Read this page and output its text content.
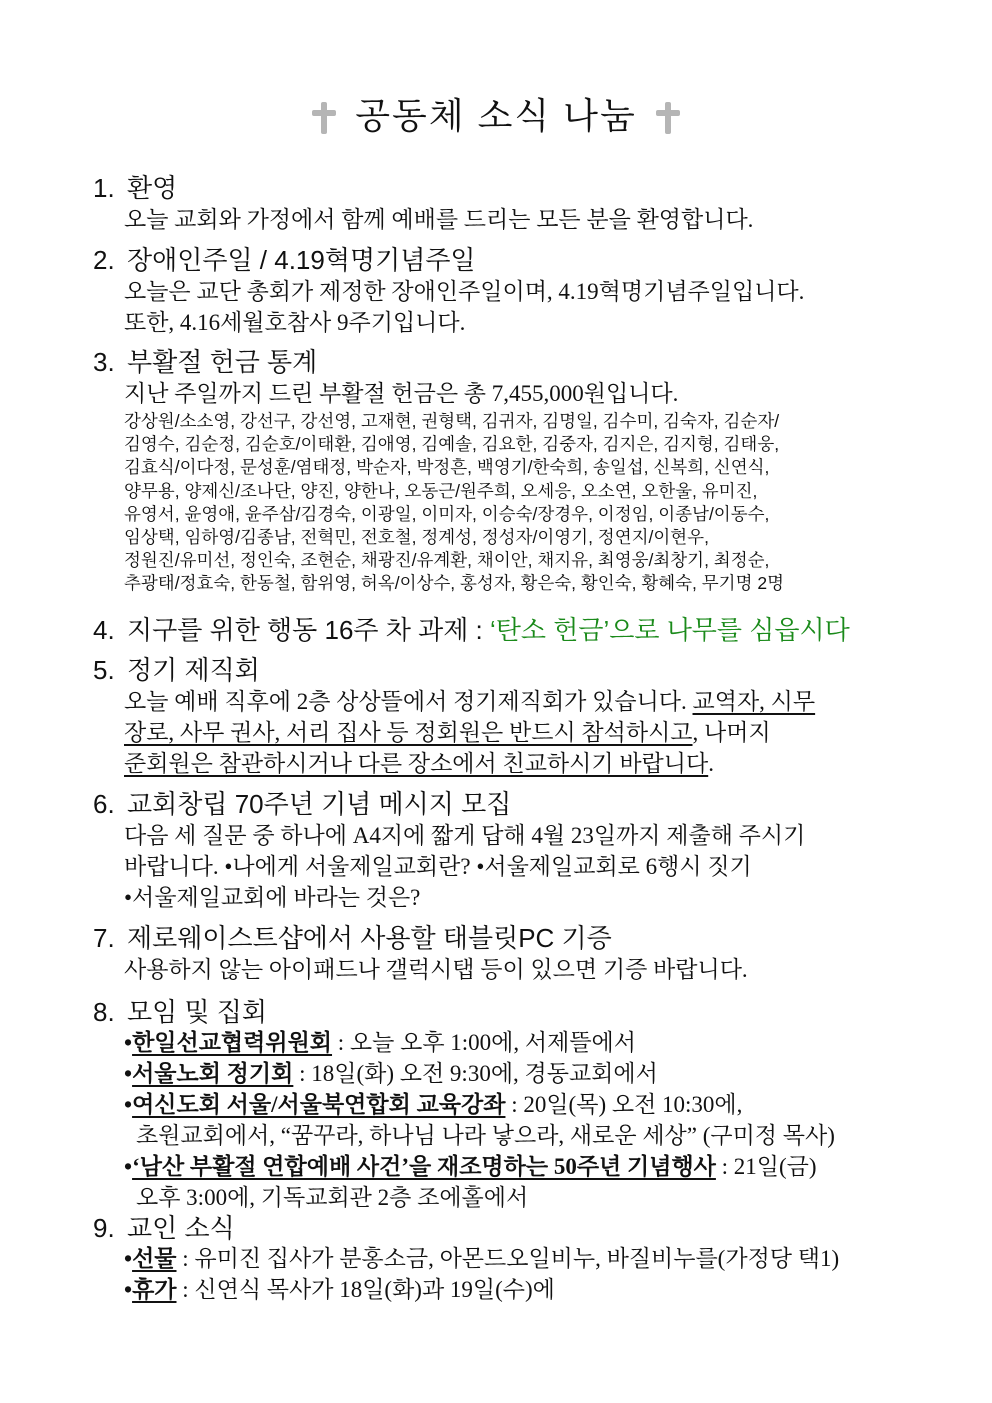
공동체 소식 나눔
1. 환영
오늘 교회와 가정에서 함께 예배를 드리는 모든 분을 환영합니다.
2. 장애인주일 / 4.19혁명기념주일
오늘은 교단 총회가 제정한 장애인주일이며, 4.19혁명기념주일입니다.
또한, 4.16세월호참사 9주기입니다.
3. 부활절 헌금 통계
지난 주일까지 드린 부활절 헌금은 총 7,455,000원입니다.
강상원/소소영, 강선구, 강선영, 고재현, 권형택, 김귀자, 김명일, 김수미, 김숙자, 김순자/
김영수, 김순정, 김순호/이태환, 김애영, 김예솔, 김요한, 김중자, 김지은, 김지형, 김태웅,
김효식/이다정, 문성훈/염태정, 박순자, 박정흔, 백영기/한숙희, 송일섭, 신복희, 신연식,
양무용, 양제신/조나단, 양진, 양한나, 오동근/원주희, 오세응, 오소연, 오한울, 유미진,
유영서, 윤영애, 윤주삼/김경숙, 이광일, 이미자, 이승숙/장경우, 이정임, 이종남/이동수,
임상택, 임하영/김종남, 전혁민, 전호철, 정계성, 정성자/이영기, 정연지/이현우,
정원진/유미선, 정인숙, 조현순, 채광진/유계환, 채이안, 채지유, 최영웅/최창기, 최정순,
추광태/정효숙, 한동철, 함위영, 허옥/이상수, 홍성자, 황은숙, 황인숙, 황혜숙, 무기명 2명
4. 지구를 위한 행동 16주 차 과제 : ‘탄소 헌금’으로 나무를 심읍시다
5. 정기 제직회
오늘 예배 직후에 2층 상상뜰에서 정기제직회가 있습니다. 교역자, 시무
장로, 사무 권사, 서리 집사 등 정회원은 반드시 참석하시고, 나머지
준회원은 참관하시거나 다른 장소에서 친교하시기 바랍니다.
6. 교회창립 70주년 기념 메시지 모집
다음 세 질문 중 하나에 A4지에 짧게 답해 4월 23일까지 제출해 주시기
바랍니다. •나에게 서울제일교회란? •서울제일교회로 6행시 짓기
•서울제일교회에 바라는 것은?
7. 제로웨이스트샵에서 사용할 태블릿PC 기증
사용하지 않는 아이패드나 갤럭시탭 등이 있으면 기증 바랍니다.
8. 모임 및 집회
•한일선교협력위원회 : 오늘 오후 1:00에, 서제뜰에서
•서울노회 정기회 : 18일(화) 오전 9:30에, 경동교회에서
•여신도회 서울/서울북연합회 교육강좌 : 20일(목) 오전 10:30에,
초원교회에서, “꿈꾸라, 하나님 나라 낳으라, 새로운 세상” (구미정 목사)
•‘남산 부활절 연합예배 사건’을 재조명하는 50주년 기념행사 : 21일(금)
오후 3:00에, 기독교회관 2층 조에홀에서
9. 교인 소식
•선물 : 유미진 집사가 분홍소금, 아몬드오일비누, 바질비누를(가정당 택1)
•휴가 : 신연식 목사가 18일(화)과 19일(수)에
